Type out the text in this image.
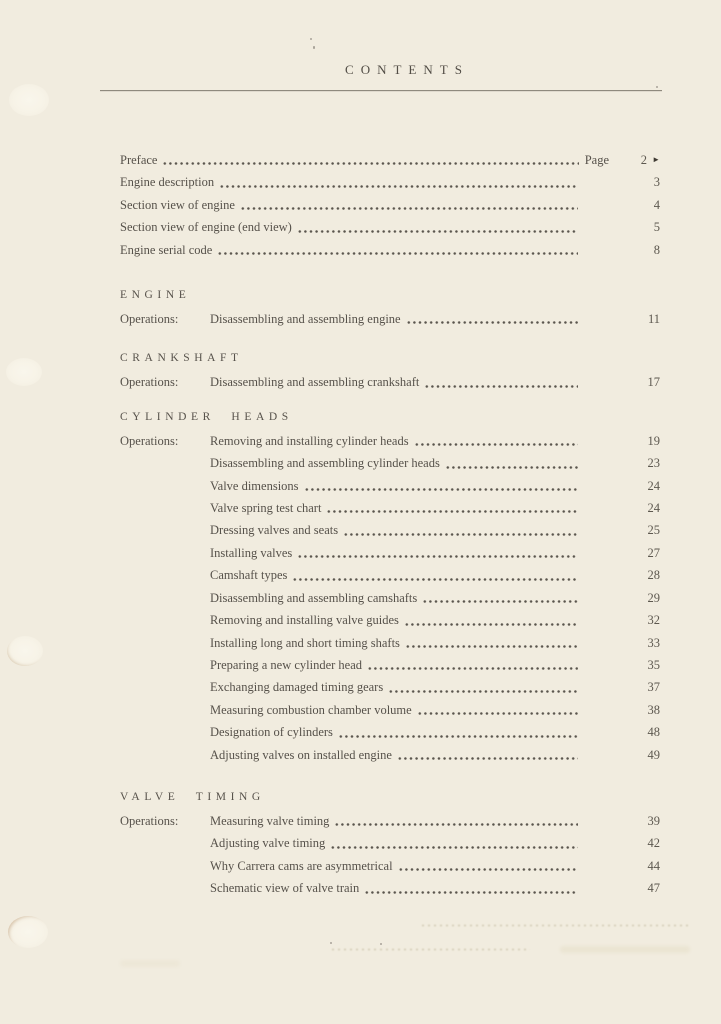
CONTENTS
Preface	Page	2 ►
Engine description	3
Section view of engine	4
Section view of engine (end view)	5
Engine serial code	8
ENGINE
Operations:	Disassembling and assembling engine	11
CRANKSHAFT
Operations:	Disassembling and assembling crankshaft	17
CYLINDER HEADS
Operations:	Removing and installing cylinder heads	19
Disassembling and assembling cylinder heads	23
Valve dimensions	24
Valve spring test chart	24
Dressing valves and seats	25
Installing valves	27
Camshaft types	28
Disassembling and assembling camshafts	29
Removing and installing valve guides	32
Installing long and short timing shafts	33
Preparing a new cylinder head	35
Exchanging damaged timing gears	37
Measuring combustion chamber volume	38
Designation of cylinders	48
Adjusting valves on installed engine	49
VALVE TIMING
Operations:	Measuring valve timing	39
Adjusting valve timing	42
Why Carrera cams are asymmetrical	44
Schematic view of valve train	47
